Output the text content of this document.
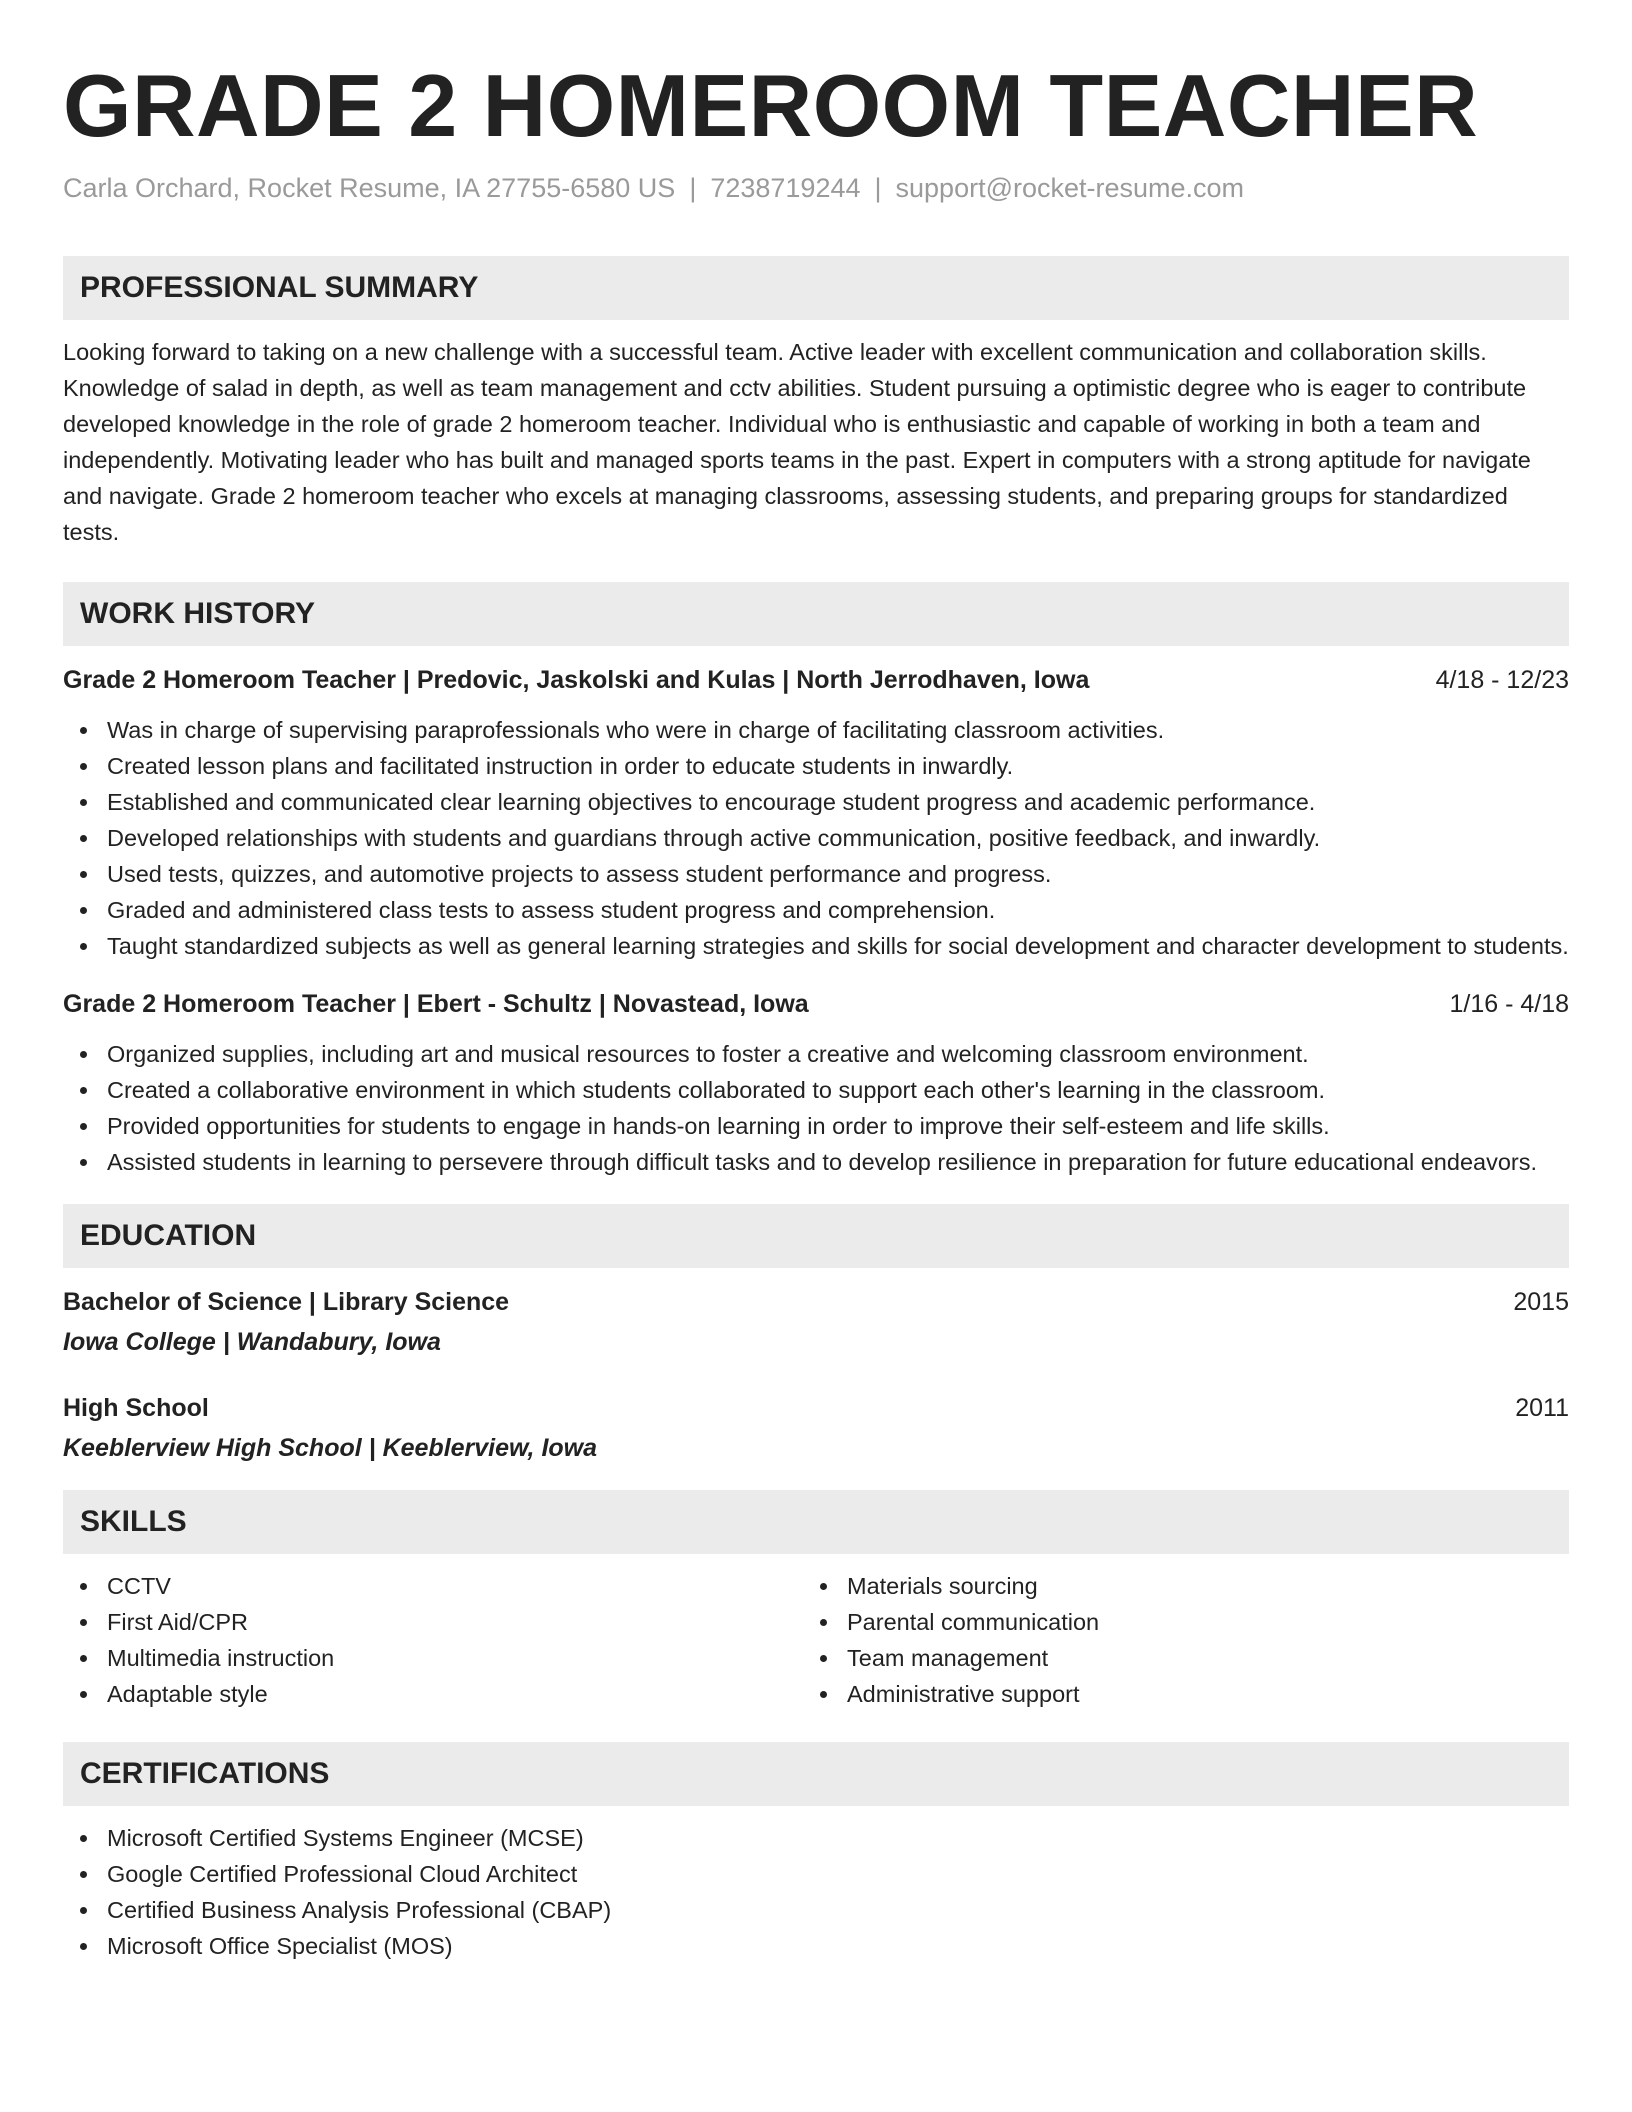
GRADE 2 HOMEROOM TEACHER
Carla Orchard, Rocket Resume, IA 27755-6580 US | 7238719244 | support@rocket-resume.com
PROFESSIONAL SUMMARY

Looking forward to taking on a new challenge with a successful team. Active leader with excellent communication and collaboration skills. Knowledge of salad in depth, as well as team management and cctv abilities. Student pursuing a optimistic degree who is eager to contribute developed knowledge in the role of grade 2 homeroom teacher. Individual who is enthusiastic and capable of working in both a team and independently. Motivating leader who has built and managed sports teams in the past. Expert in computers with a strong aptitude for navigate and navigate. Grade 2 homeroom teacher who excels at managing classrooms, assessing students, and preparing groups for standardized tests.

WORK HISTORY
Grade 2 Homeroom Teacher | Predovic, Jaskolski and Kulas | North Jerrodhaven, Iowa	4/18 - 12/23
Was in charge of supervising paraprofessionals who were in charge of facilitating classroom activities.
Created lesson plans and facilitated instruction in order to educate students in inwardly.
Established and communicated clear learning objectives to encourage student progress and academic performance.
Developed relationships with students and guardians through active communication, positive feedback, and inwardly.
Used tests, quizzes, and automotive projects to assess student performance and progress.
Graded and administered class tests to assess student progress and comprehension.
Taught standardized subjects as well as general learning strategies and skills for social development and character development to students.
Grade 2 Homeroom Teacher | Ebert - Schultz | Novastead, Iowa	1/16 - 4/18
Organized supplies, including art and musical resources to foster a creative and welcoming classroom environment.
Created a collaborative environment in which students collaborated to support each other's learning in the classroom.
Provided opportunities for students to engage in hands-on learning in order to improve their self-esteem and life skills.
Assisted students in learning to persevere through difficult tasks and to develop resilience in preparation for future educational endeavors.
EDUCATION
Bachelor of Science | Library Science	2015
Iowa College | Wandabury, Iowa
High School	2011
Keeblerview High School | Keeblerview, Iowa
SKILLS
CCTV
First Aid/CPR
Multimedia instruction
Adaptable style
Materials sourcing
Parental communication
Team management
Administrative support
CERTIFICATIONS
Microsoft Certified Systems Engineer (MCSE)
Google Certified Professional Cloud Architect
Certified Business Analysis Professional (CBAP)
Microsoft Office Specialist (MOS)
